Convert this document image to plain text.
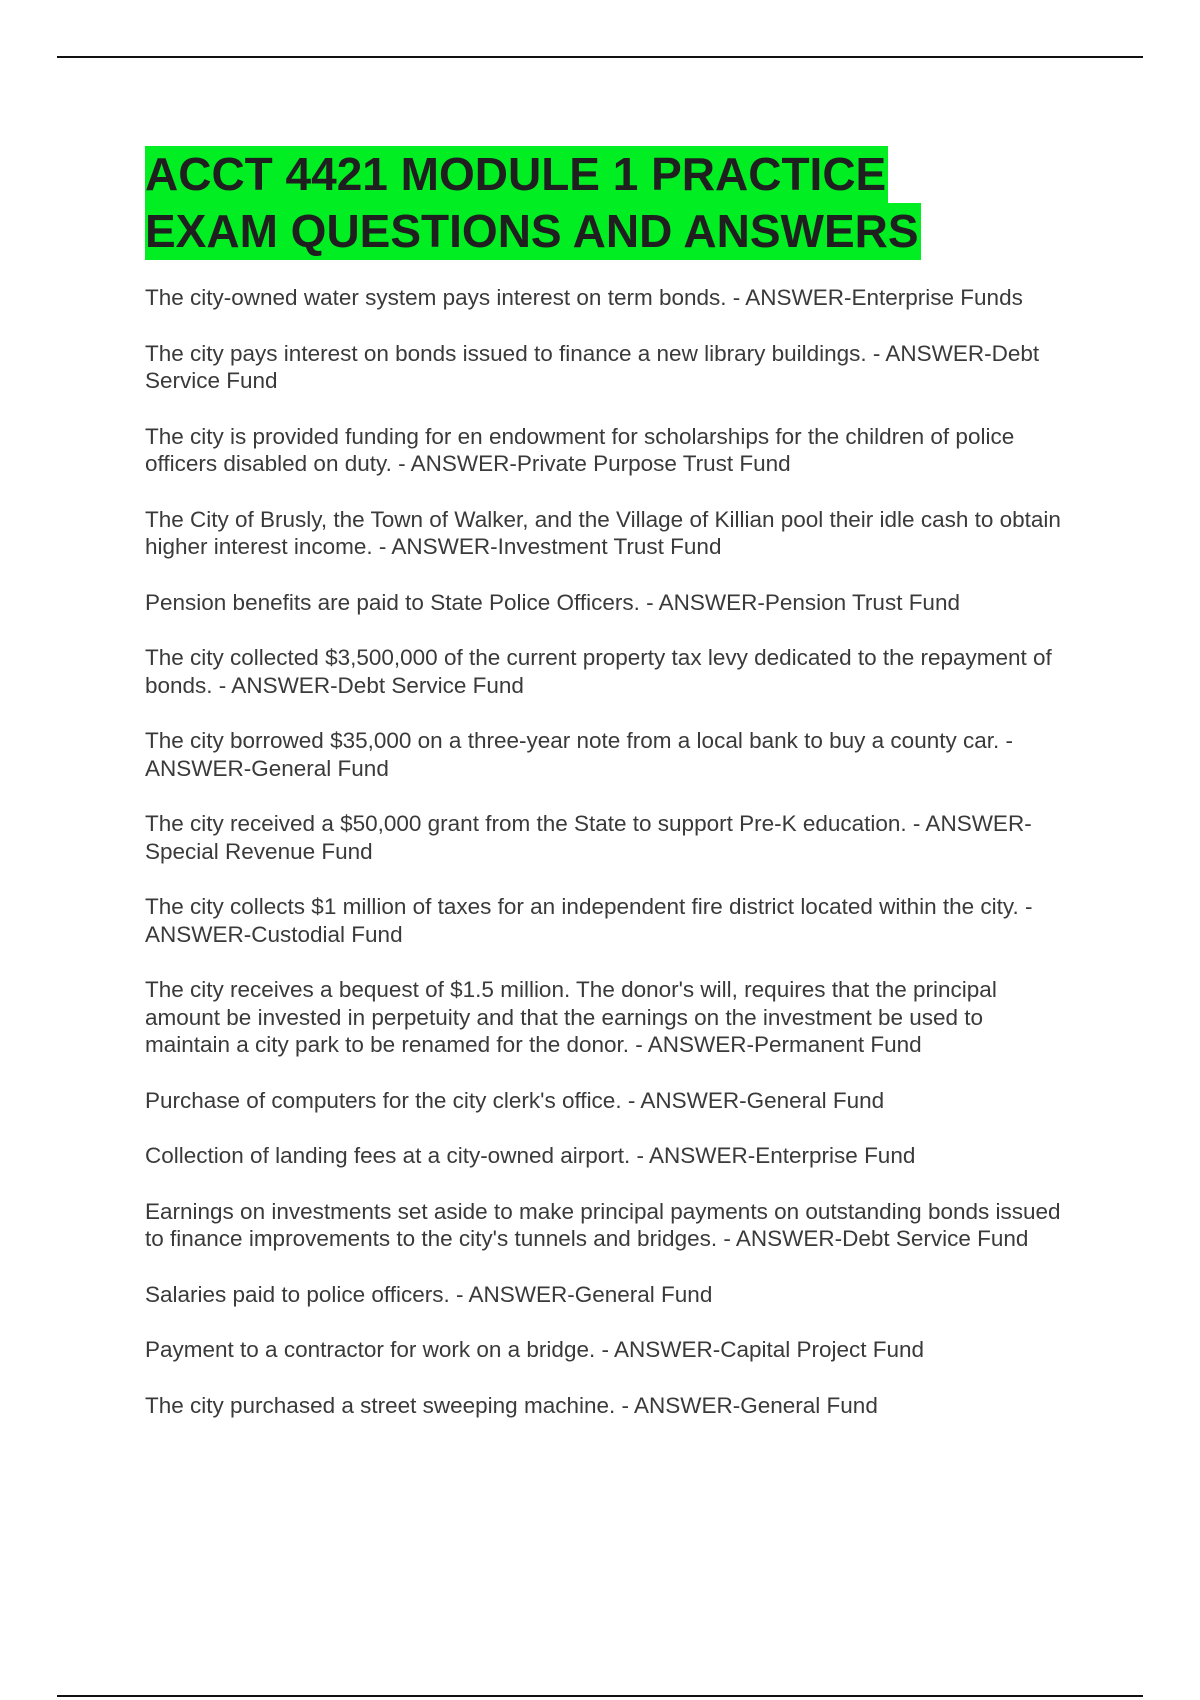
ACCT 4421 MODULE 1 PRACTICE
EXAM QUESTIONS AND ANSWERS
The city-owned water system pays interest on term bonds. - ANSWER-Enterprise Funds
The city pays interest on bonds issued to finance a new library buildings. - ANSWER-Debt Service Fund
The city is provided funding for en endowment for scholarships for the children of police officers disabled on duty. - ANSWER-Private Purpose Trust Fund
The City of Brusly, the Town of Walker, and the Village of Killian pool their idle cash to obtain higher interest income. - ANSWER-Investment Trust Fund
Pension benefits are paid to State Police Officers. - ANSWER-Pension Trust Fund
The city collected $3,500,000 of the current property tax levy dedicated to the repayment of bonds. - ANSWER-Debt Service Fund
The city borrowed $35,000 on a three-year note from a local bank to buy a county car. - ANSWER-General Fund
The city received a $50,000 grant from the State to support Pre-K education. - ANSWER-Special Revenue Fund
The city collects $1 million of taxes for an independent fire district located within the city. - ANSWER-Custodial Fund
The city receives a bequest of $1.5 million. The donor's will, requires that the principal amount be invested in perpetuity and that the earnings on the investment be used to maintain a city park to be renamed for the donor. - ANSWER-Permanent Fund
Purchase of computers for the city clerk's office. - ANSWER-General Fund
Collection of landing fees at a city-owned airport. - ANSWER-Enterprise Fund
Earnings on investments set aside to make principal payments on outstanding bonds issued to finance improvements to the city's tunnels and bridges. - ANSWER-Debt Service Fund
Salaries paid to police officers. - ANSWER-General Fund
Payment to a contractor for work on a bridge. - ANSWER-Capital Project Fund
The city purchased a street sweeping machine. - ANSWER-General Fund
